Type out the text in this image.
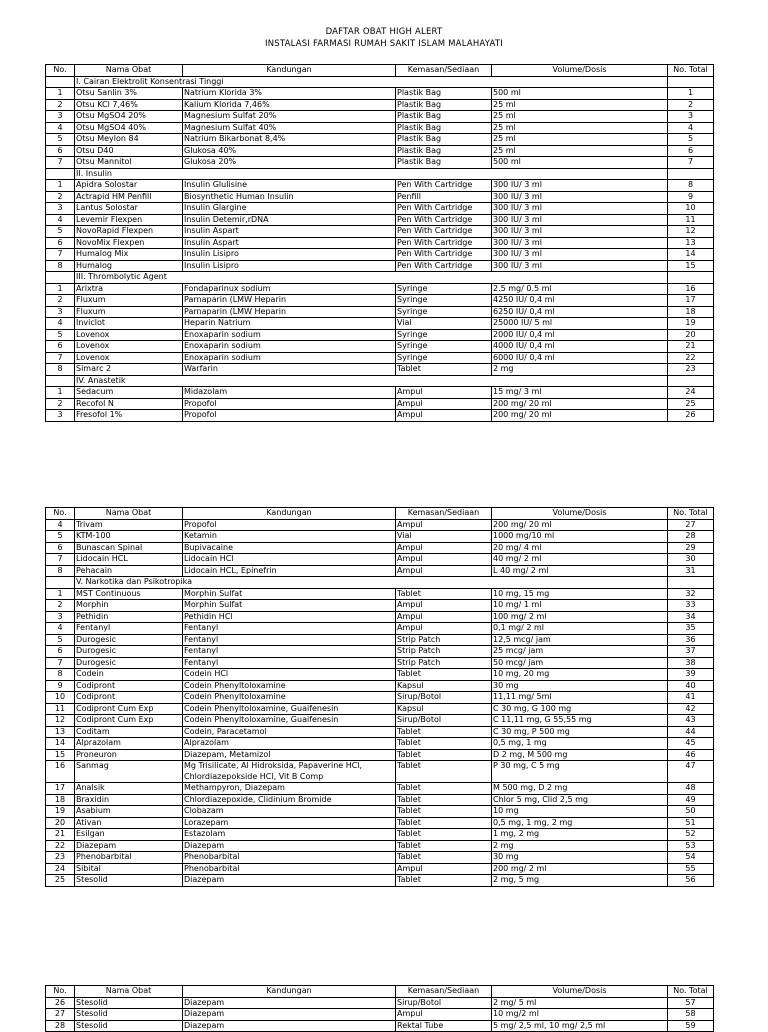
DAFTAR OBAT HIGH ALERT
INSTALASI FARMASI RUMAH SAKIT ISLAM MALAHAYATI
No.	Nama Obat	Kandungan	Kemasan/Sediaan	Volume/Dosis	No. Total
	I. Cairan Elektrolit Konsentrasi Tinggi				
1	Otsu Sanlin 3%	Natrium Klorida 3%	Plastik Bag	500 ml	1
2	Otsu KCl 7,46%	Kalium Klorida 7,46%	Plastik Bag	25 ml	2
3	Otsu MgSO4 20%	Magnesium Sulfat 20%	Plastik Bag	25 ml	3
4	Otsu MgSO4 40%	Magnesium Sulfat 40%	Plastik Bag	25 ml	4
5	Otsu Meylon 84	Natrium Bikarbonat 8,4%	Plastik Bag	25 ml	5
6	Otsu D40	Glukosa 40%	Plastik Bag	25 ml	6
7	Otsu Mannitol	Glukosa 20%	Plastik Bag	500 ml	7
	II. Insulin				
1	Apidra Solostar	Insulin Glulisine	Pen With Cartridge	300 IU/ 3 ml	8
2	Actrapid HM Penfill	Biosynthetic Human Insulin	Penfill	300 IU/ 3 ml	9
3	Lantus Solostar	Insulin Glargine	Pen With Cartridge	300 IU/ 3 ml	10
4	Levemir Flexpen	Insulin Detemir,rDNA	Pen With Cartridge	300 IU/ 3 ml	11
5	NovoRapid Flexpen	Insulin Aspart	Pen With Cartridge	300 IU/ 3 ml	12
6	NovoMix Flexpen	Insulin Aspart	Pen With Cartridge	300 IU/ 3 ml	13
7	Humalog Mix	Insulin Lisipro	Pen With Cartridge	300 IU/ 3 ml	14
8	Humalog	Insulin Lisipro	Pen With Cartridge	300 IU/ 3 ml	15
	III. Thrombolytic Agent				
1	Arixtra	Fondaparinux sodium	Syringe	2.5 mg/ 0.5 ml	16
2	Fluxum	Parnaparin (LMW Heparin	Syringe	4250 IU/ 0,4 ml	17
3	Fluxum	Parnaparin (LMW Heparin	Syringe	6250 IU/ 0,4 ml	18
4	Inviclot	Heparin Natrium	Vial	25000 IU/ 5 ml	19
5	Lovenox	Enoxaparin sodium	Syringe	2000 IU/ 0,4 ml	20
6	Lovenox	Enoxaparin sodium	Syringe	4000 IU/ 0,4 ml	21
7	Lovenox	Enoxaparin sodium	Syringe	6000 IU/ 0,4 ml	22
8	Simarc 2	Warfarin	Tablet	2 mg	23
	IV. Anastetik				
1	Sedacum	Midazolam	Ampul	15 mg/ 3 ml	24
2	Recofol N	Propofol	Ampul	200 mg/ 20 ml	25
3	Fresofol 1%	Propofol	Ampul	200 mg/ 20 ml	26
No.	Nama Obat	Kandungan	Kemasan/Sediaan	Volume/Dosis	No. Total
4	Trivam	Propofol	Ampul	200 mg/ 20 ml	27
5	KTM-100	Ketamin	Vial	1000 mg/10 ml	28
6	Bunascan Spinal	Bupivacaine	Ampul	20 mg/ 4 ml	29
7	Lidocain HCL	Lidocain HCl	Ampul	40 mg/ 2 ml	30
8	Pehacain	Lidocain HCL, Epinefrin	Ampul	L 40 mg/ 2 ml	31
	V. Narkotika dan Psikotropika				
1	MST Continuous	Morphin Sulfat	Tablet	10 mg, 15 mg	32
2	Morphin	Morphin Sulfat	Ampul	10 mg/ 1 ml	33
3	Pethidin	Pethidin HCl	Ampul	100 mg/ 2 ml	34
4	Fentanyl	Fentanyl	Ampul	0,1 mg/ 2 ml	35
5	Durogesic	Fentanyl	Strip Patch	12,5 mcg/ jam	36
6	Durogesic	Fentanyl	Strip Patch	25 mcg/ jam	37
7	Durogesic	Fentanyl	Strip Patch	50 mcg/ jam	38
8	Codein	Codein HCl	Tablet	10 mg, 20 mg	39
9	Codipront	Codein Phenyltoloxamine	Kapsul	30 mg	40
10	Codipront	Codein Phenyltoloxamine	Sirup/Botol	11,11 mg/ 5ml	41
11	Codipront Cum Exp	Codein Phenyltoloxamine, Guaifenesin	Kapsul	C 30 mg, G 100 mg	42
12	Codipront Cum Exp	Codein Phenyltoloxamine, Guaifenesin	Sirup/Botol	C 11,11 mg, G 55,55 mg	43
13	Coditam	Codein, Paracetamol	Tablet	C 30 mg, P 500 mg	44
14	Alprazolam	Alprazolam	Tablet	0,5 mg, 1 mg	45
15	Proneuron	Diazepam, Metamizol	Tablet	D 2 mg, M 500 mg	46
16	Sanmag	Mg Trisilicate, Al Hidroksida, Papaverine HCl,	Tablet	P 30 mg, C 5 mg	47
		Chlordiazepokside HCl, Vit B Comp			
17	Analsik	Methampyron, Diazepam	Tablet	M 500 mg, D 2 mg	48
18	Braxidin	Chlordiazepoxide, Clidinium Bromide	Tablet	Chlor 5 mg, Clid 2,5 mg	49
19	Asabium	Clobazam	Tablet	10 mg	50
20	Ativan	Lorazepam	Tablet	0,5 mg, 1 mg, 2 mg	51
21	Esilgan	Estazolam	Tablet	1 mg, 2 mg	52
22	Diazepam	Diazepam	Tablet	2 mg	53
23	Phenobarbital	Phenobarbital	Tablet	30 mg	54
24	Sibital	Phenobarbital	Ampul	200 mg/ 2 ml	55
25	Stesolid	Diazepam	Tablet	2 mg, 5 mg	56
No.	Nama Obat	Kandungan	Kemasan/Sediaan	Volume/Dosis	No. Total
26	Stesolid	Diazepam	Sirup/Botol	2 mg/ 5 ml	57
27	Stesolid	Diazepam	Ampul	10 mg/2 ml	58
28	Stesolid	Diazepam	Rektal Tube	5 mg/ 2,5 ml, 10 mg/ 2,5 ml	59
